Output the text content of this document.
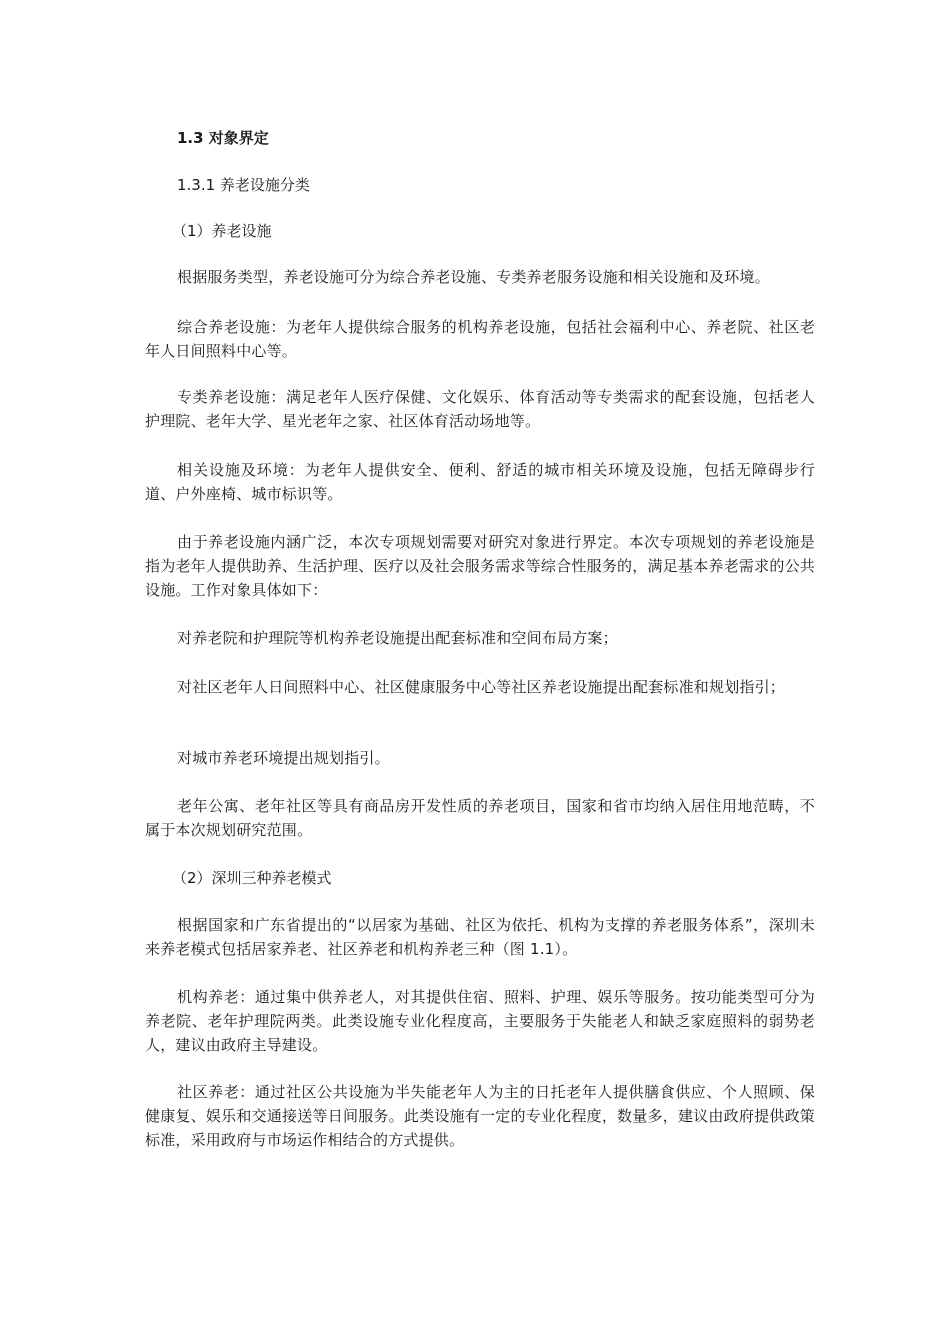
1.3 对象界定

1.3.1 养老设施分类

（1）养老设施

根据服务类型，养老设施可分为综合养老设施、专类养老服务设施和相关设施和及环境。

综合养老设施：为老年人提供综合服务的机构养老设施，包括社会福利中心、养老院、社区老年人日间照料中心等。

专类养老设施：满足老年人医疗保健、文化娱乐、体育活动等专类需求的配套设施，包括老人护理院、老年大学、星光老年之家、社区体育活动场地等。

相关设施及环境：为老年人提供安全、便利、舒适的城市相关环境及设施，包括无障碍步行道、户外座椅、城市标识等。

由于养老设施内涵广泛，本次专项规划需要对研究对象进行界定。本次专项规划的养老设施是指为老年人提供助养、生活护理、医疗以及社会服务需求等综合性服务的，满足基本养老需求的公共设施。工作对象具体如下：

对养老院和护理院等机构养老设施提出配套标准和空间布局方案；

对社区老年人日间照料中心、社区健康服务中心等社区养老设施提出配套标准和规划指引；

对城市养老环境提出规划指引。

老年公寓、老年社区等具有商品房开发性质的养老项目，国家和省市均纳入居住用地范畴，不属于本次规划研究范围。

（2）深圳三种养老模式

根据国家和广东省提出的“以居家为基础、社区为依托、机构为支撑的养老服务体系”，深圳未来养老模式包括居家养老、社区养老和机构养老三种（图 1.1）。

机构养老：通过集中供养老人，对其提供住宿、照料、护理、娱乐等服务。按功能类型可分为养老院、老年护理院两类。此类设施专业化程度高，主要服务于失能老人和缺乏家庭照料的弱势老人，建议由政府主导建设。

社区养老：通过社区公共设施为半失能老年人为主的日托老年人提供膳食供应、个人照顾、保健康复、娱乐和交通接送等日间服务。此类设施有一定的专业化程度，数量多，建议由政府提供政策标准，采用政府与市场运作相结合的方式提供。
